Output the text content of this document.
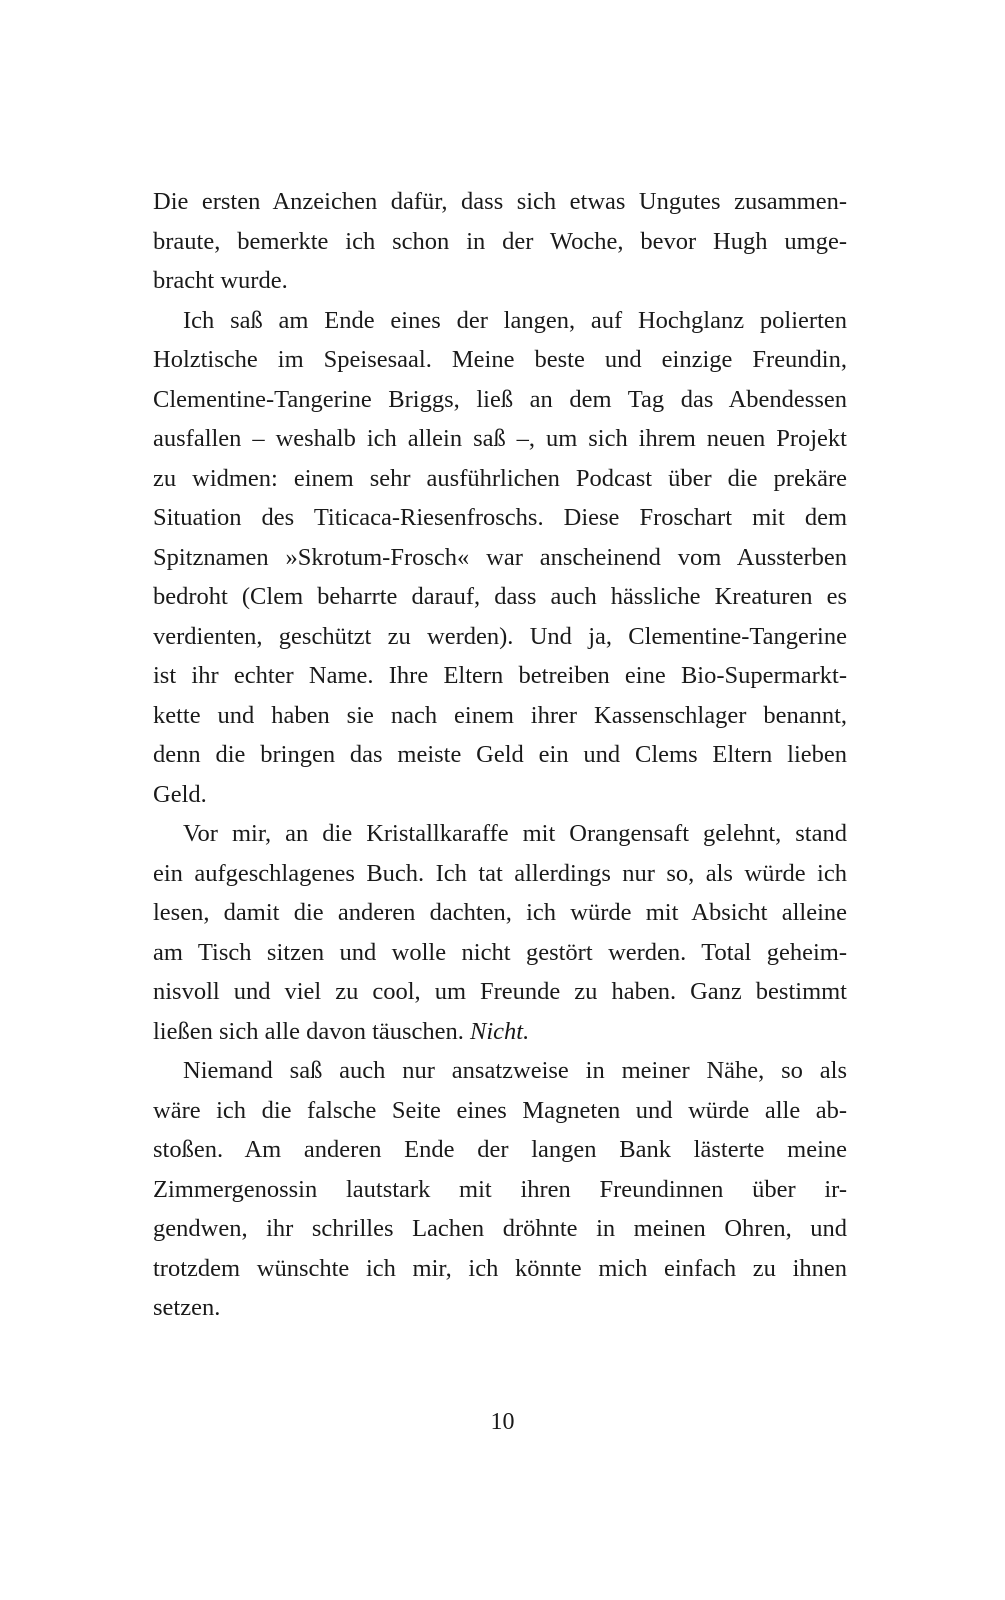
Die ersten Anzeichen dafür, dass sich etwas Ungutes zusammen-
braute, bemerkte ich schon in der Woche, bevor Hugh umge-
bracht wurde.
Ich saß am Ende eines der langen, auf Hochglanz polierten
Holztische im Speisesaal. Meine beste und einzige Freundin,
Clementine-Tangerine Briggs, ließ an dem Tag das Abendessen
ausfallen – weshalb ich allein saß –, um sich ihrem neuen Projekt
zu widmen: einem sehr ausführlichen Podcast über die prekäre
Situation des Titicaca-Riesenfroschs. Diese Froschart mit dem
Spitznamen »Skrotum-Frosch« war anscheinend vom Aussterben
bedroht (Clem beharrte darauf, dass auch hässliche Kreaturen es
verdienten, geschützt zu werden). Und ja, Clementine-Tangerine
ist ihr echter Name. Ihre Eltern betreiben eine Bio-Supermarkt-
kette und haben sie nach einem ihrer Kassenschlager benannt,
denn die bringen das meiste Geld ein und Clems Eltern lieben
Geld.
Vor mir, an die Kristallkaraffe mit Orangensaft gelehnt, stand
ein aufgeschlagenes Buch. Ich tat allerdings nur so, als würde ich
lesen, damit die anderen dachten, ich würde mit Absicht alleine
am Tisch sitzen und wolle nicht gestört werden. Total geheim-
nisvoll und viel zu cool, um Freunde zu haben. Ganz bestimmt
ließen sich alle davon täuschen. Nicht.
Niemand saß auch nur ansatzweise in meiner Nähe, so als
wäre ich die falsche Seite eines Magneten und würde alle ab-
stoßen. Am anderen Ende der langen Bank lästerte meine
Zimmergenossin lautstark mit ihren Freundinnen über ir-
gendwen, ihr schrilles Lachen dröhnte in meinen Ohren, und
trotzdem wünschte ich mir, ich könnte mich einfach zu ihnen
setzen.
10
